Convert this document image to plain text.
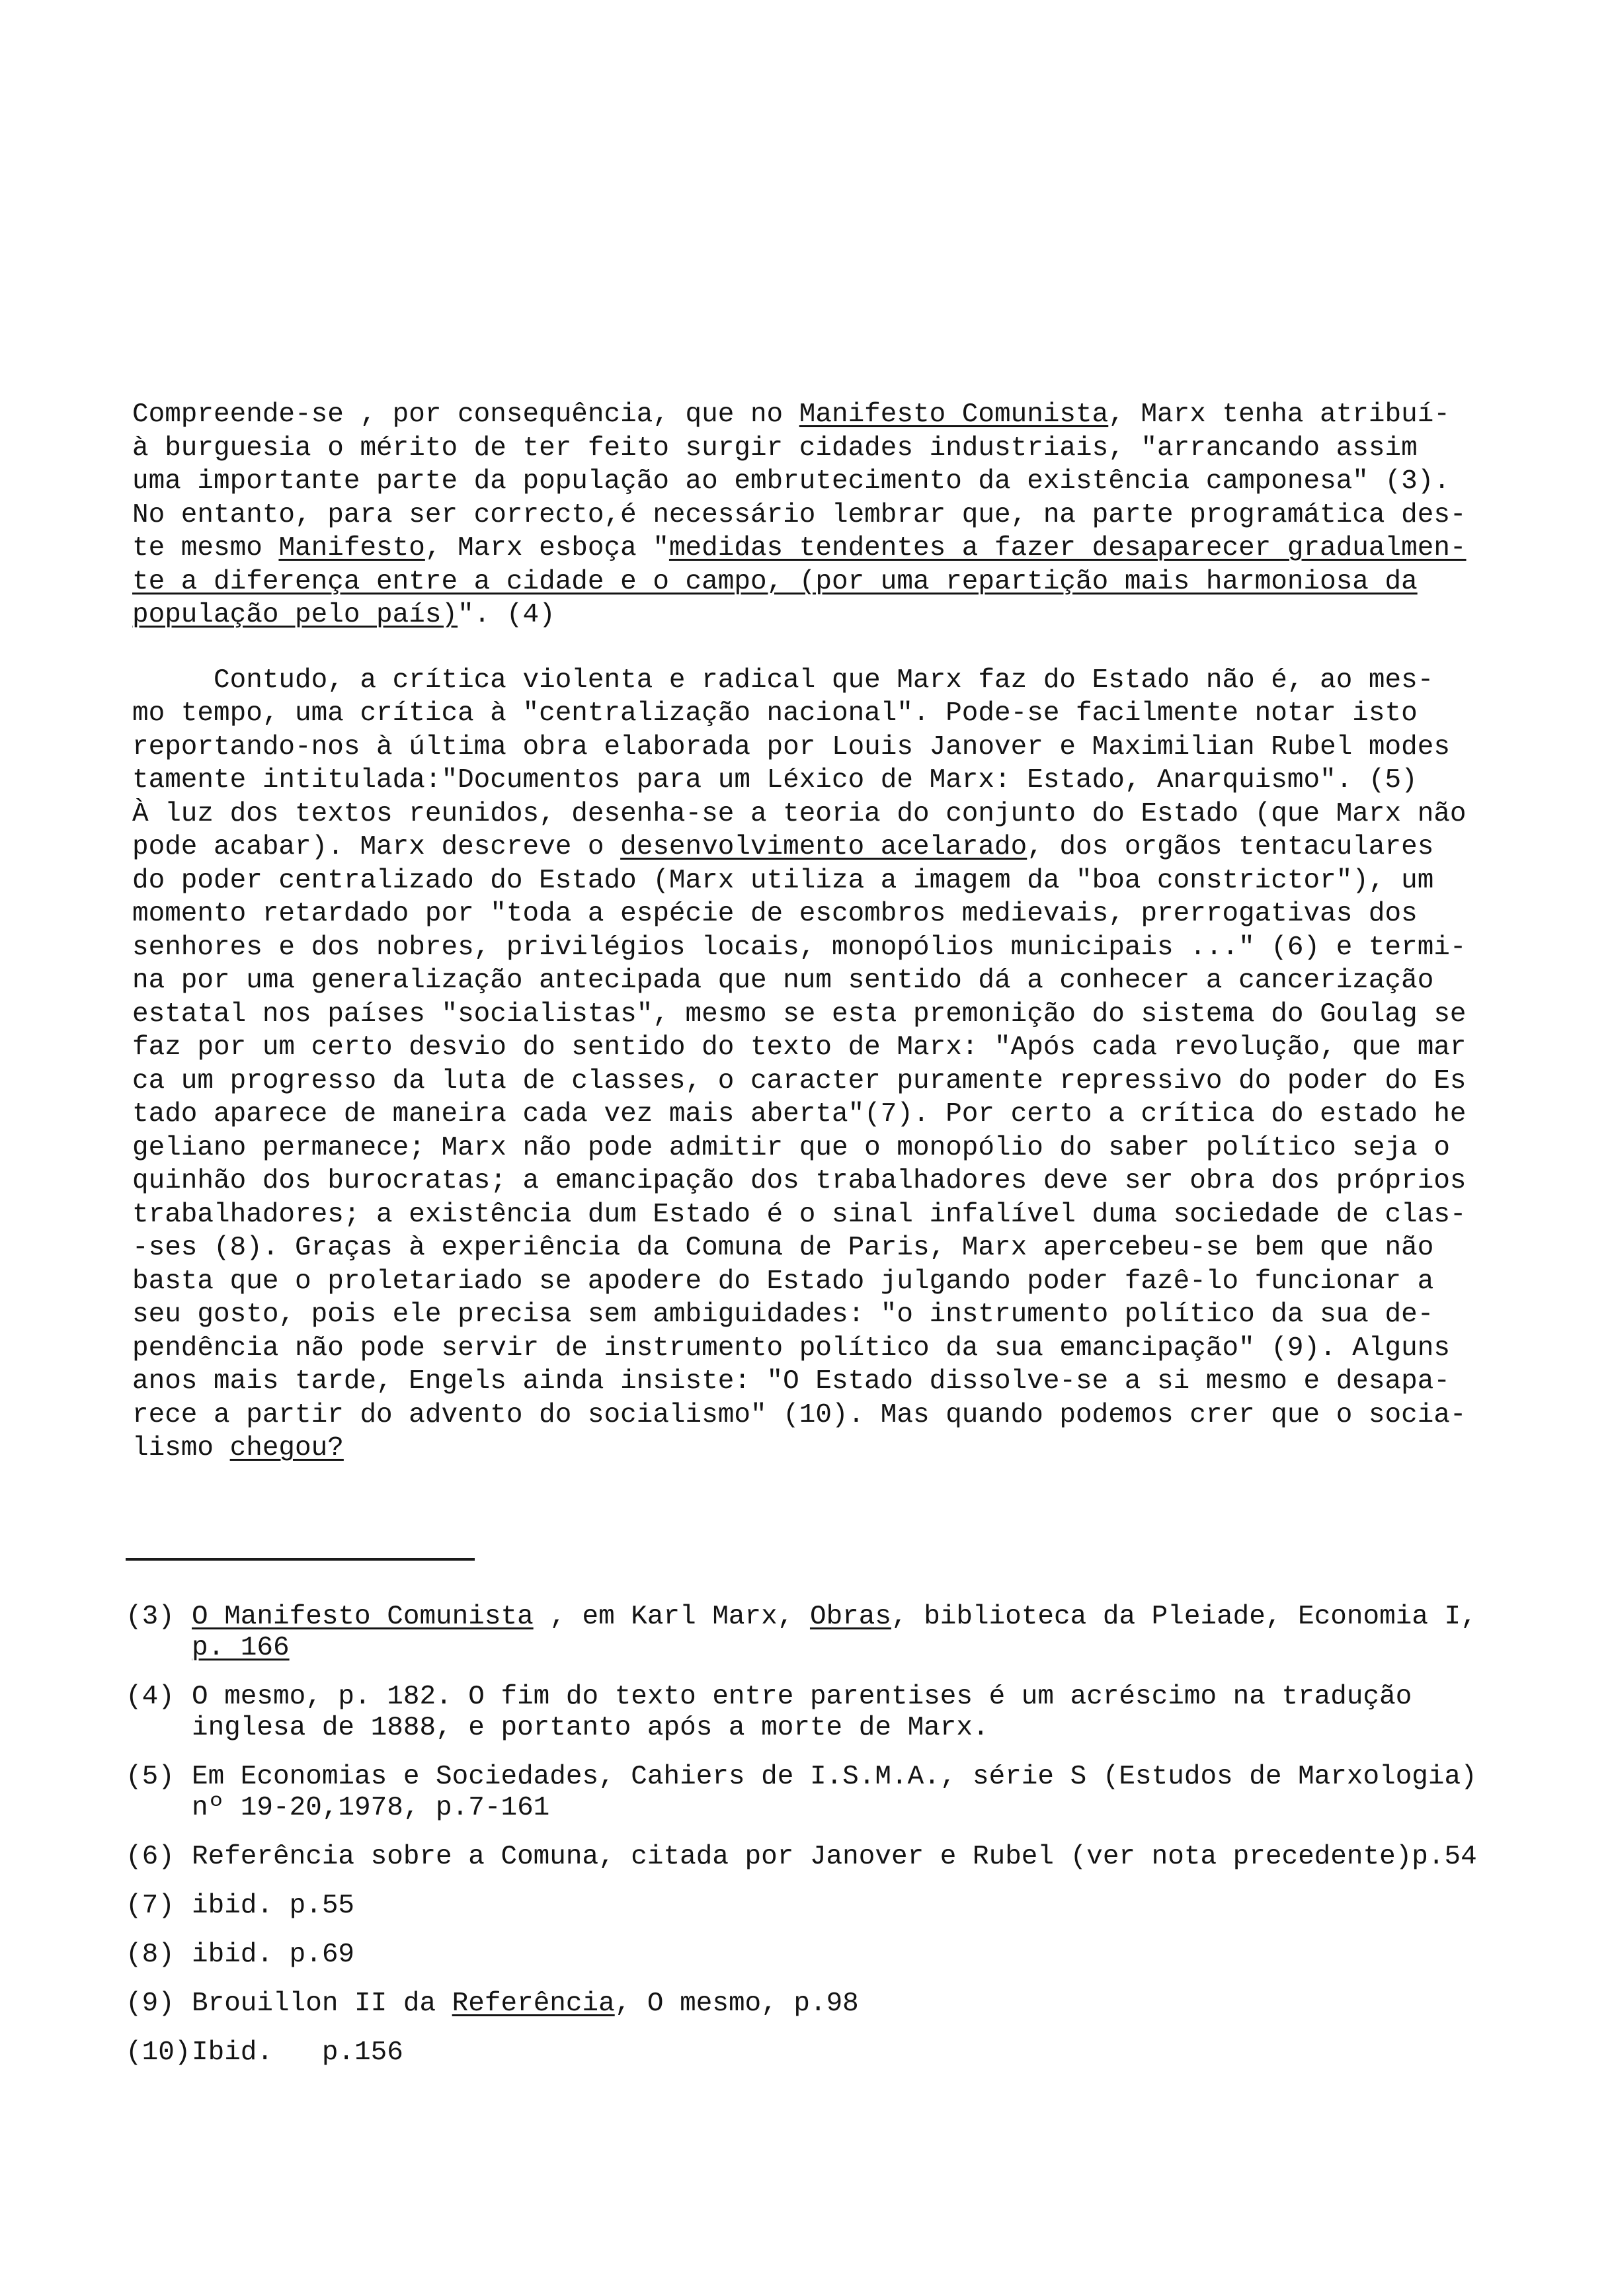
Compreende-se , por consequência, que no Manifesto Comunista, Marx tenha atribuí-
à burguesia o mérito de ter feito surgir cidades industriais, "arrancando assim
uma importante parte da população ao embrutecimento da existência camponesa" (3).
No entanto, para ser correcto,é necessário lembrar que, na parte programática des-
te mesmo Manifesto, Marx esboça "medidas tendentes a fazer desaparecer gradualmen-
te a diferença entre a cidade e o campo, (por uma repartição mais harmoniosa da
população pelo país)". (4)
Contudo, a crítica violenta e radical que Marx faz do Estado não é, ao mes-
mo tempo, uma crítica à "centralização nacional". Pode-se facilmente notar isto
reportando-nos à última obra elaborada por Louis Janover e Maximilian Rubel modes
tamente intitulada:"Documentos para um Léxico de Marx: Estado, Anarquismo". (5)
À luz dos textos reunidos, desenha-se a teoria do conjunto do Estado (que Marx não
pode acabar). Marx descreve o desenvolvimento acelarado, dos orgãos tentaculares
do poder centralizado do Estado (Marx utiliza a imagem da "boa constrictor"), um
momento retardado por "toda a espécie de escombros medievais, prerrogativas dos
senhores e dos nobres, privilégios locais, monopólios municipais ..." (6) e termi-
na por uma generalização antecipada que num sentido dá a conhecer a cancerização
estatal nos países "socialistas", mesmo se esta premonição do sistema do Goulag se
faz por um certo desvio do sentido do texto de Marx: "Após cada revolução, que mar
ca um progresso da luta de classes, o caracter puramente repressivo do poder do Es
tado aparece de maneira cada vez mais aberta"(7). Por certo a crítica do estado he
geliano permanece; Marx não pode admitir que o monopólio do saber político seja o
quinhão dos burocratas; a emancipação dos trabalhadores deve ser obra dos próprios
trabalhadores; a existência dum Estado é o sinal infalível duma sociedade de clas-
-ses (8). Graças à experiência da Comuna de Paris, Marx apercebeu-se bem que não
basta que o proletariado se apodere do Estado julgando poder fazê-lo funcionar a
seu gosto, pois ele precisa sem ambiguidades: "o instrumento político da sua de-
pendência não pode servir de instrumento político da sua emancipação" (9). Alguns
anos mais tarde, Engels ainda insiste: "O Estado dissolve-se a si mesmo e desapa-
rece a partir do advento do socialismo" (10). Mas quando podemos crer que o socia-
lismo chegou?
(3) O Manifesto Comunista , em Karl Marx, Obras, biblioteca da Pleiade, Economia I,
p. 166
(4) O mesmo, p. 182. O fim do texto entre parentises é um acréscimo na tradução
inglesa de 1888, e portanto após a morte de Marx.
(5) Em Economias e Sociedades, Cahiers de I.S.M.A., série S (Estudos de Marxologia)
nº 19-20,1978, p.7-161
(6) Referência sobre a Comuna, citada por Janover e Rubel (ver nota precedente)p.54
(7) ibid. p.55
(8) ibid. p.69
(9) Brouillon II da Referência, O mesmo, p.98
(10) Ibid.   p.156
